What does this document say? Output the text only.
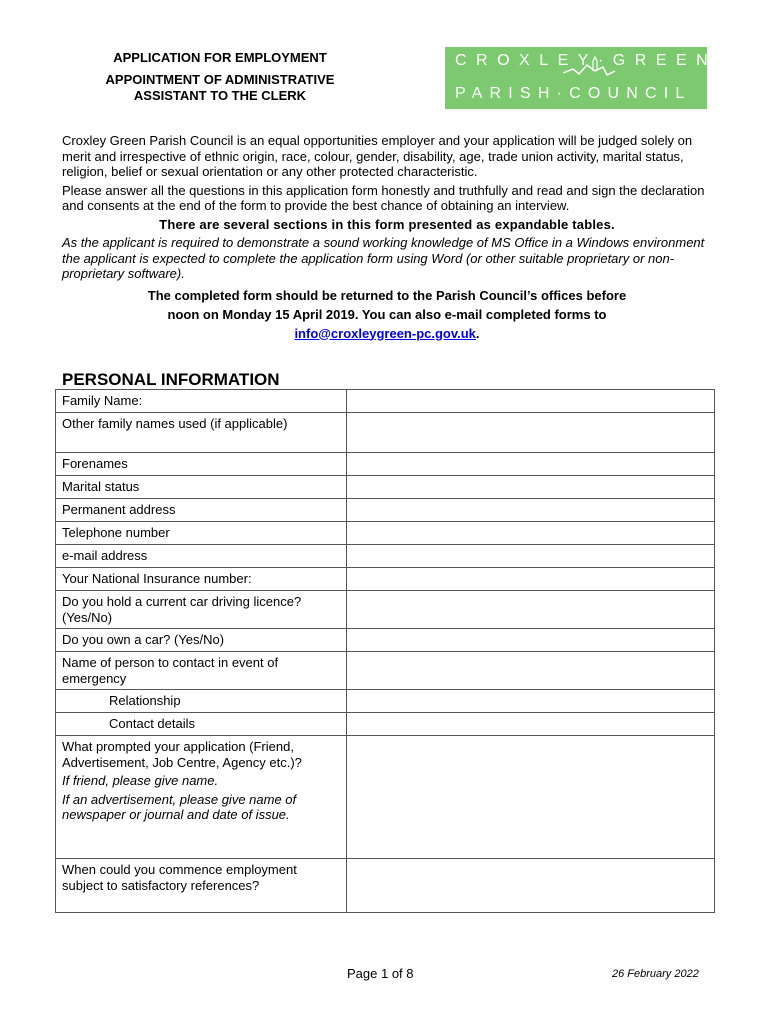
APPLICATION FOR EMPLOYMENT
APPOINTMENT OF ADMINISTRATIVE
ASSISTANT TO THE CLERK
CROXLEY·GREEN
PARISH·COUNCIL

Croxley Green Parish Council is an equal opportunities employer and your application will be judged solely on merit and irrespective of ethnic origin, race, colour, gender, disability, age, trade union activity, marital status, religion, belief or sexual orientation or any other protected characteristic.

Please answer all the questions in this application form honestly and truthfully and read and sign the declaration and consents at the end of the form to provide the best chance of obtaining an interview.

There are several sections in this form presented as expandable tables.

As the applicant is required to demonstrate a sound working knowledge of MS Office in a Windows environment the applicant is expected to complete the application form using Word (or other suitable proprietary or non-proprietary software).

The completed form should be returned to the Parish Council’s offices before
noon on Monday 15 April 2019. You can also e-mail completed forms to
info@croxleygreen-pc.gov.uk.
PERSONAL INFORMATION
Family Name:	
Other family names used (if applicable)	
Forenames	
Marital status	
Permanent address	
Telephone number	
e-mail address	
Your National Insurance number:	
Do you hold a current car driving licence? (Yes/No)	
Do you own a car? (Yes/No)	
Name of person to contact in event of emergency	
Relationship	
Contact details	
What prompted your application (Friend, Advertisement, Job Centre, Agency etc.)?
If friend, please give name.
If an advertisement, please give name of newspaper or journal and date of issue.	

When could you commence employment subject to satisfactory references?	
Page 1 of 8	26 February 2022
